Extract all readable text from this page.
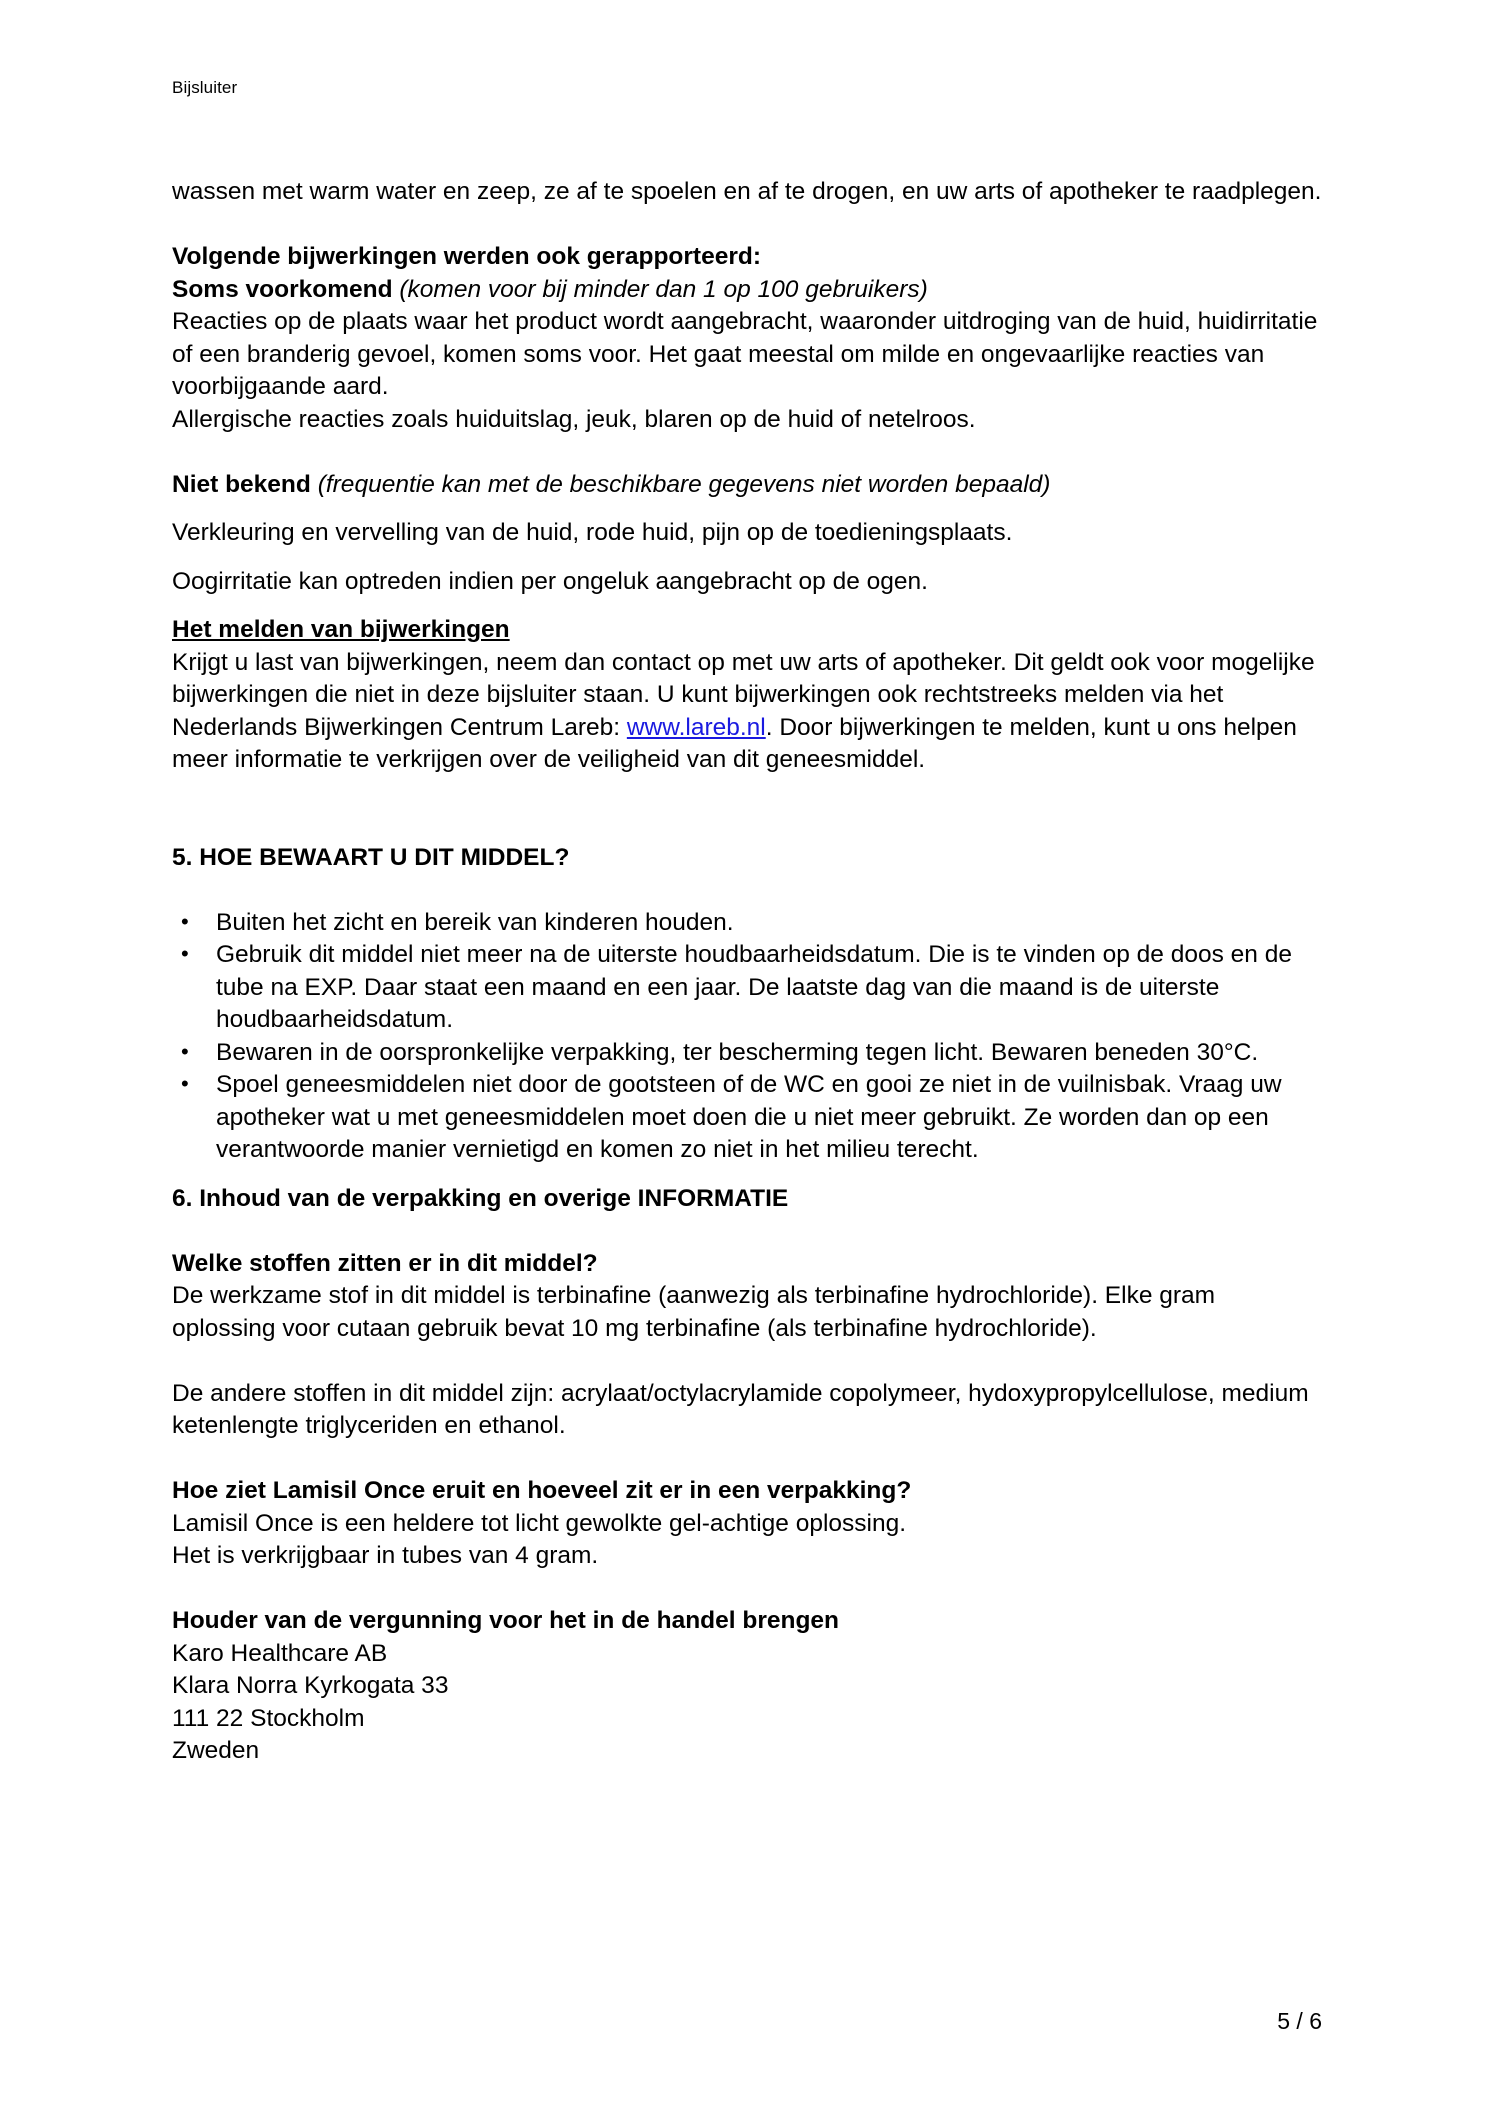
Bijsluiter

wassen met warm water en zeep, ze af te spoelen en af te drogen, en uw arts of apotheker te raadplegen.

Volgende bijwerkingen werden ook gerapporteerd:

Soms voorkomend (komen voor bij minder dan 1 op 100 gebruikers)

Reacties op de plaats waar het product wordt aangebracht, waaronder uitdroging van de huid, huidirritatie of een branderig gevoel, komen soms voor. Het gaat meestal om milde en ongevaarlijke reacties van voorbijgaande aard.

Allergische reacties zoals huiduitslag, jeuk, blaren op de huid of netelroos.

Niet bekend (frequentie kan met de beschikbare gegevens niet worden bepaald)

Verkleuring en vervelling van de huid, rode huid, pijn op de toedieningsplaats.

Oogirritatie kan optreden indien per ongeluk aangebracht op de ogen.

Het melden van bijwerkingen

Krijgt u last van bijwerkingen, neem dan contact op met uw arts of apotheker. Dit geldt ook voor mogelijke bijwerkingen die niet in deze bijsluiter staan. U kunt bijwerkingen ook rechtstreeks melden via het Nederlands Bijwerkingen Centrum Lareb: www.lareb.nl. Door bijwerkingen te melden, kunt u ons helpen meer informatie te verkrijgen over de veiligheid van dit geneesmiddel.

5. HOE BEWAART U DIT MIDDEL?

• Buiten het zicht en bereik van kinderen houden.
• Gebruik dit middel niet meer na de uiterste houdbaarheidsdatum. Die is te vinden op de doos en de tube na EXP. Daar staat een maand en een jaar. De laatste dag van die maand is de uiterste houdbaarheidsdatum.
• Bewaren in de oorspronkelijke verpakking, ter bescherming tegen licht. Bewaren beneden 30°C.
• Spoel geneesmiddelen niet door de gootsteen of de WC en gooi ze niet in de vuilnisbak. Vraag uw apotheker wat u met geneesmiddelen moet doen die u niet meer gebruikt. Ze worden dan op een verantwoorde manier vernietigd en komen zo niet in het milieu terecht.

6. Inhoud van de verpakking en overige INFORMATIE

Welke stoffen zitten er in dit middel?

De werkzame stof in dit middel is terbinafine (aanwezig als terbinafine hydrochloride). Elke gram oplossing voor cutaan gebruik bevat 10 mg terbinafine (als terbinafine hydrochloride).

De andere stoffen in dit middel zijn: acrylaat/octylacrylamide copolymeer, hydoxypropylcellulose, medium ketenlengte triglyceriden en ethanol.

Hoe ziet Lamisil Once eruit en hoeveel zit er in een verpakking?

Lamisil Once is een heldere tot licht gewolkte gel-achtige oplossing.

Het is verkrijgbaar in tubes van 4 gram.

Houder van de vergunning voor het in de handel brengen

Karo Healthcare AB

Klara Norra Kyrkogata 33

111 22 Stockholm

Zweden

5 / 6
